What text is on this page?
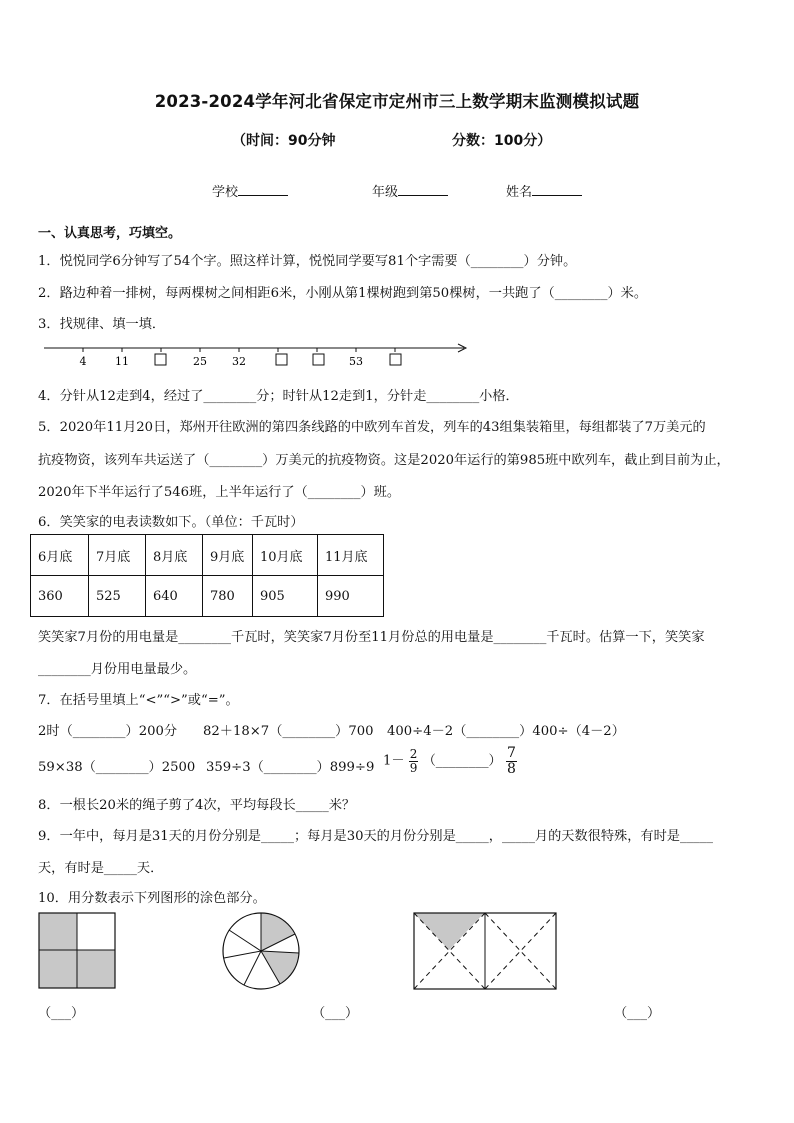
2023-2024学年河北省保定市定州市三上数学期末监测模拟试题
（时间：90分钟	分数：100分）
学校	年级	姓名
一、认真思考，巧填空。
1．悦悦同学6分钟写了54个字。照这样计算，悦悦同学要写81个字需要（________）分钟。
2．路边种着一排树，每两棵树之间相距6米，小刚从第1棵树跑到第50棵树，一共跑了（________）米。
3．找规律、填一填．
4	11	25 32	53
4．分针从12走到4，经过了________分；时针从12走到1，分针走________小格．
5．2020年11月20日，郑州开往欧洲的第四条线路的中欧列车首发，列车的43组集装箱里，每组都装了7万美元的
抗疫物资，该列车共运送了（________）万美元的抗疫物资。这是2020年运行的第985班中欧列车，截止到目前为止，
2020年下半年运行了546班，上半年运行了（________）班。
6．笑笑家的电表读数如下。（单位：千瓦时）
6月底	7月底	8月底	9月底	10月底	11月底
360	525	640	780	905	990
笑笑家7月份的用电量是________千瓦时，笑笑家7月份至11月份总的用电量是________千瓦时。估算一下，笑笑家
________月份用电量最少。
7．在括号里填上“<”“>”或“=”。
2时（________）200分 82＋18×7（________）700 400÷4－2（________）400÷（4－2）
59×38（________）2500 359÷3（________）899÷9 $1- \frac{2}{9}$ （________） $\frac{7}{8}$
8．一根长20米的绳子剪了4次，平均每段长_____米？
9．一年中，每月是31天的月份分别是_____；每月是30天的月份分别是_____，_____月的天数很特殊，有时是_____
天，有时是_____天．
10．用分数表示下列图形的涂色部分。
（___）	（___）	（___）
